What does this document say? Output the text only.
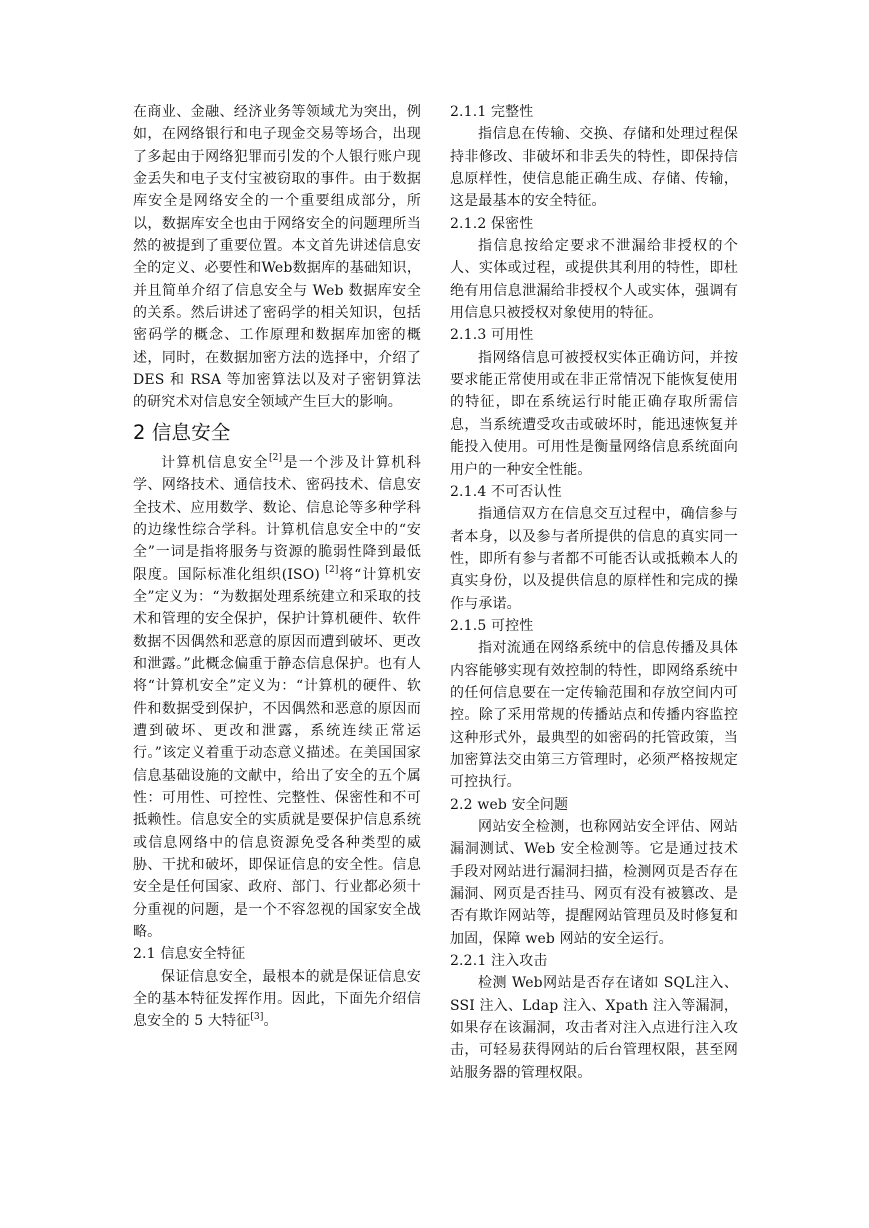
在商业、金融、经济业务等领域尤为突出，例如，在网络银行和电子现金交易等场合，出现了多起由于网络犯罪而引发的个人银行账户现金丢失和电子支付宝被窃取的事件。由于数据库安全是网络安全的一个重要组成部分，所以，数据库安全也由于网络安全的问题理所当然的被提到了重要位置。本文首先讲述信息安全的定义、必要性和Web数据库的基础知识，并且简单介绍了信息安全与 Web 数据库安全的关系。然后讲述了密码学的相关知识，包括密码学的概念、工作原理和数据库加密的概述，同时，在数据加密方法的选择中，介绍了 DES 和 RSA 等加密算法以及对子密钥算法的研究术对信息安全领域产生巨大的影响。

2 信息安全

计算机信息安全[2]是一个涉及计算机科学、网络技术、通信技术、密码技术、信息安全技术、应用数学、数论、信息论等多种学科的边缘性综合学科。计算机信息安全中的“安全”一词是指将服务与资源的脆弱性降到最低限度。国际标准化组织(ISO) [2]将“计算机安全”定义为：“为数据处理系统建立和采取的技术和管理的安全保护，保护计算机硬件、软件数据不因偶然和恶意的原因而遭到破坏、更改和泄露。”此概念偏重于静态信息保护。也有人将“计算机安全”定义为：“计算机的硬件、软件和数据受到保护，不因偶然和恶意的原因而遭到破坏、更改和泄露，系统连续正常运行。”该定义着重于动态意义描述。在美国国家信息基础设施的文献中，给出了安全的五个属性：可用性、可控性、完整性、保密性和不可抵赖性。信息安全的实质就是要保护信息系统或信息网络中的信息资源免受各种类型的威胁、干扰和破坏，即保证信息的安全性。信息安全是任何国家、政府、部门、行业都必须十分重视的问题，是一个不容忽视的国家安全战略。

2.1 信息安全特征

保证信息安全，最根本的就是保证信息安全的基本特征发挥作用。因此，下面先介绍信息安全的 5 大特征[3]。

2.1.1 完整性

指信息在传输、交换、存储和处理过程保持非修改、非破坏和非丢失的特性，即保持信息原样性，使信息能正确生成、存储、传输，这是最基本的安全特征。

2.1.2 保密性

指信息按给定要求不泄漏给非授权的个人、实体或过程，或提供其利用的特性，即杜绝有用信息泄漏给非授权个人或实体，强调有用信息只被授权对象使用的特征。

2.1.3 可用性

指网络信息可被授权实体正确访问，并按要求能正常使用或在非正常情况下能恢复使用的特征，即在系统运行时能正确存取所需信息，当系统遭受攻击或破坏时，能迅速恢复并能投入使用。可用性是衡量网络信息系统面向用户的一种安全性能。

2.1.4 不可否认性

指通信双方在信息交互过程中，确信参与者本身，以及参与者所提供的信息的真实同一性，即所有参与者都不可能否认或抵赖本人的真实身份，以及提供信息的原样性和完成的操作与承诺。

2.1.5 可控性

指对流通在网络系统中的信息传播及具体内容能够实现有效控制的特性，即网络系统中的任何信息要在一定传输范围和存放空间内可控。除了采用常规的传播站点和传播内容监控这种形式外，最典型的如密码的托管政策，当加密算法交由第三方管理时，必须严格按规定可控执行。

2.2 web 安全问题

网站安全检测，也称网站安全评估、网站漏洞测试、Web 安全检测等。它是通过技术手段对网站进行漏洞扫描，检测网页是否存在漏洞、网页是否挂马、网页有没有被篡改、是否有欺诈网站等，提醒网站管理员及时修复和加固，保障 web 网站的安全运行。

2.2.1 注入攻击

检测 Web网站是否存在诸如 SQL注入、SSI 注入、Ldap 注入、Xpath 注入等漏洞，如果存在该漏洞，攻击者对注入点进行注入攻击，可轻易获得网站的后台管理权限，甚至网站服务器的管理权限。
